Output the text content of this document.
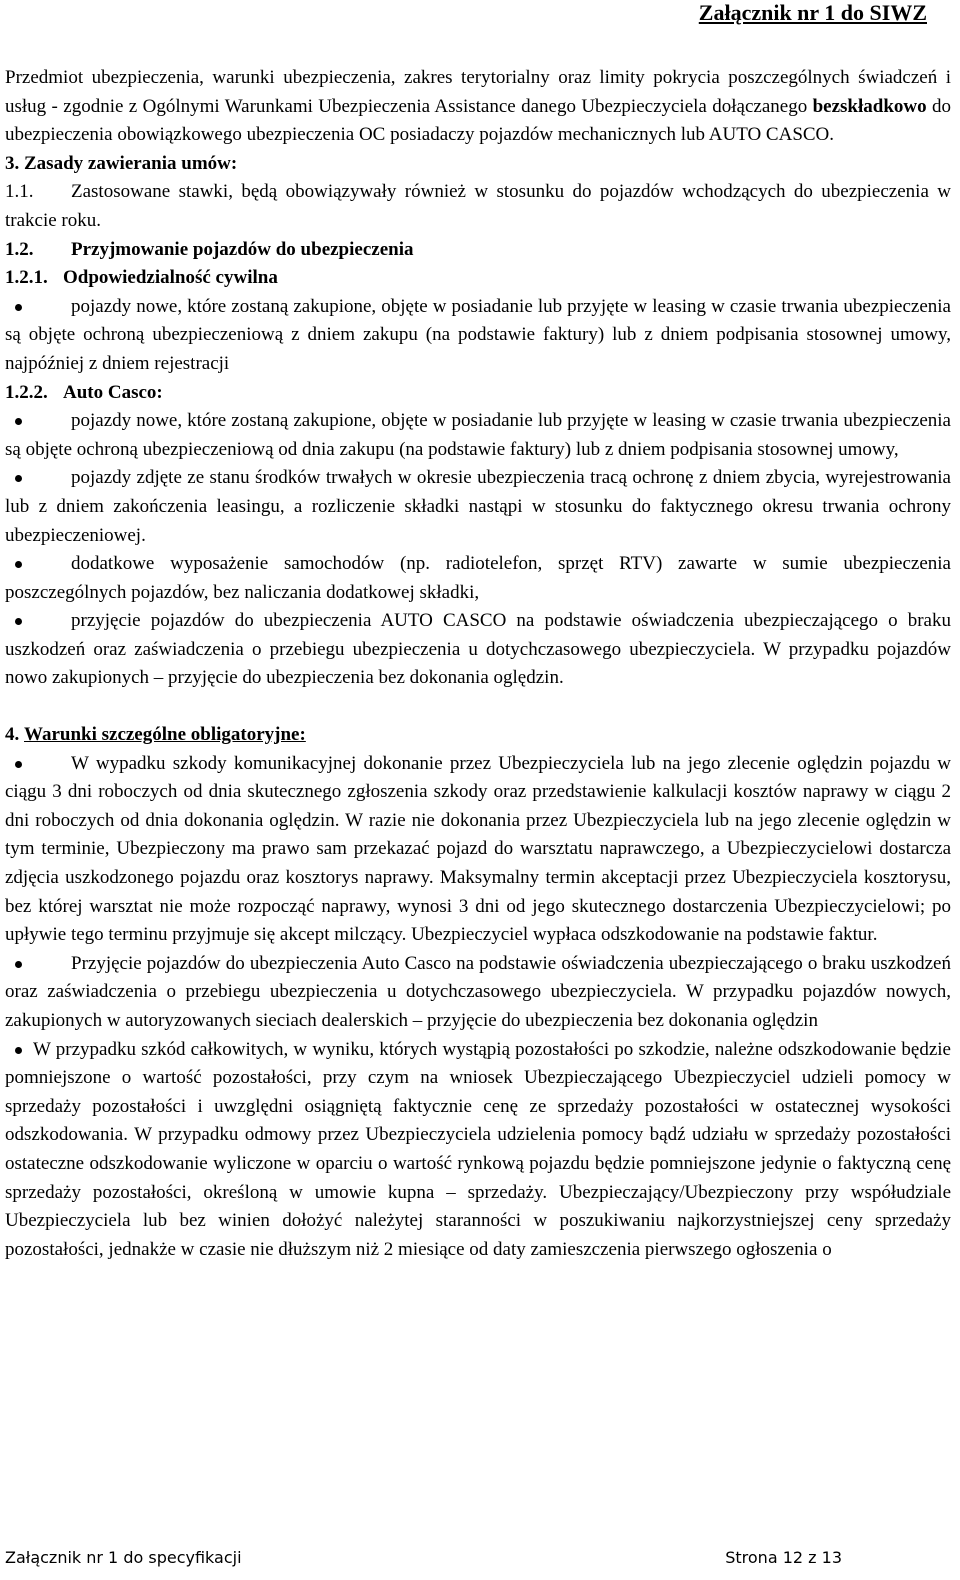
Załącznik nr 1 do SIWZ

Przedmiot ubezpieczenia, warunki ubezpieczenia, zakres terytorialny oraz limity pokrycia poszczególnych świadczeń i usług - zgodnie z Ogólnymi Warunkami Ubezpieczenia Assistance danego Ubezpieczyciela dołączanego bezskładkowo do ubezpieczenia obowiązkowego ubezpieczenia OC posiadaczy pojazdów mechanicznych lub AUTO CASCO.

3. Zasady zawierania umów:

1.1. Zastosowane stawki, będą obowiązywały również w stosunku do pojazdów wchodzących do ubezpieczenia w trakcie roku.

1.2. Przyjmowanie pojazdów do ubezpieczenia

1.2.1. Odpowiedzialność cywilna

pojazdy nowe, które zostaną zakupione, objęte w posiadanie lub przyjęte w leasing w czasie trwania ubezpieczenia są objęte ochroną ubezpieczeniową z dniem zakupu (na podstawie faktury) lub z dniem podpisania stosownej umowy, najpóźniej z dniem rejestracji

1.2.2. Auto Casco:

pojazdy nowe, które zostaną zakupione, objęte w posiadanie lub przyjęte w leasing w czasie trwania ubezpieczenia są objęte ochroną ubezpieczeniową od dnia zakupu (na podstawie faktury) lub z dniem podpisania stosownej umowy,

pojazdy zdjęte ze stanu środków trwałych w okresie ubezpieczenia tracą ochronę z dniem zbycia, wyrejestrowania lub z dniem zakończenia leasingu, a rozliczenie składki nastąpi w stosunku do faktycznego okresu trwania ochrony ubezpieczeniowej.

dodatkowe wyposażenie samochodów (np. radiotelefon, sprzęt RTV) zawarte w sumie ubezpieczenia poszczególnych pojazdów, bez naliczania dodatkowej składki,

przyjęcie pojazdów do ubezpieczenia AUTO CASCO na podstawie oświadczenia ubezpieczającego o braku uszkodzeń oraz zaświadczenia o przebiegu ubezpieczenia u dotychczasowego ubezpieczyciela. W przypadku pojazdów nowo zakupionych – przyjęcie do ubezpieczenia bez dokonania oględzin.

4. Warunki szczególne obligatoryjne:

W wypadku szkody komunikacyjnej dokonanie przez Ubezpieczyciela lub na jego zlecenie oględzin pojazdu w ciągu 3 dni roboczych od dnia skutecznego zgłoszenia szkody oraz przedstawienie kalkulacji kosztów naprawy w ciągu 2 dni roboczych od dnia dokonania oględzin. W razie nie dokonania przez Ubezpieczyciela lub na jego zlecenie oględzin w tym terminie, Ubezpieczony ma prawo sam przekazać pojazd do warsztatu naprawczego, a Ubezpieczycielowi dostarcza zdjęcia uszkodzonego pojazdu oraz kosztorys naprawy. Maksymalny termin akceptacji przez Ubezpieczyciela kosztorysu, bez której warsztat nie może rozpocząć naprawy, wynosi 3 dni od jego skutecznego dostarczenia Ubezpieczycielowi; po upływie tego terminu przyjmuje się akcept milczący. Ubezpieczyciel wypłaca odszkodowanie na podstawie faktur.

Przyjęcie pojazdów do ubezpieczenia Auto Casco na podstawie oświadczenia ubezpieczającego o braku uszkodzeń oraz zaświadczenia o przebiegu ubezpieczenia u dotychczasowego ubezpieczyciela. W przypadku pojazdów nowych, zakupionych w autoryzowanych sieciach dealerskich – przyjęcie do ubezpieczenia bez dokonania oględzin

W przypadku szkód całkowitych, w wyniku, których wystąpią pozostałości po szkodzie, należne odszkodowanie będzie pomniejszone o wartość pozostałości, przy czym na wniosek Ubezpieczającego Ubezpieczyciel udzieli pomocy w sprzedaży pozostałości i uwzględni osiągniętą faktycznie cenę ze sprzedaży pozostałości w ostatecznej wysokości odszkodowania. W przypadku odmowy przez Ubezpieczyciela udzielenia pomocy bądź udziału w sprzedaży pozostałości ostateczne odszkodowanie wyliczone w oparciu o wartość rynkową pojazdu będzie pomniejszone jedynie o faktyczną cenę sprzedaży pozostałości, określoną w umowie kupna – sprzedaży. Ubezpieczający/Ubezpieczony przy współudziale Ubezpieczyciela lub bez winien dołożyć należytej staranności w poszukiwaniu najkorzystniejszej ceny sprzedaży pozostałości, jednakże w czasie nie dłuższym niż 2 miesiące od daty zamieszczenia pierwszego ogłoszenia o

Załącznik nr 1 do specyfikacji	Strona 12 z 13
